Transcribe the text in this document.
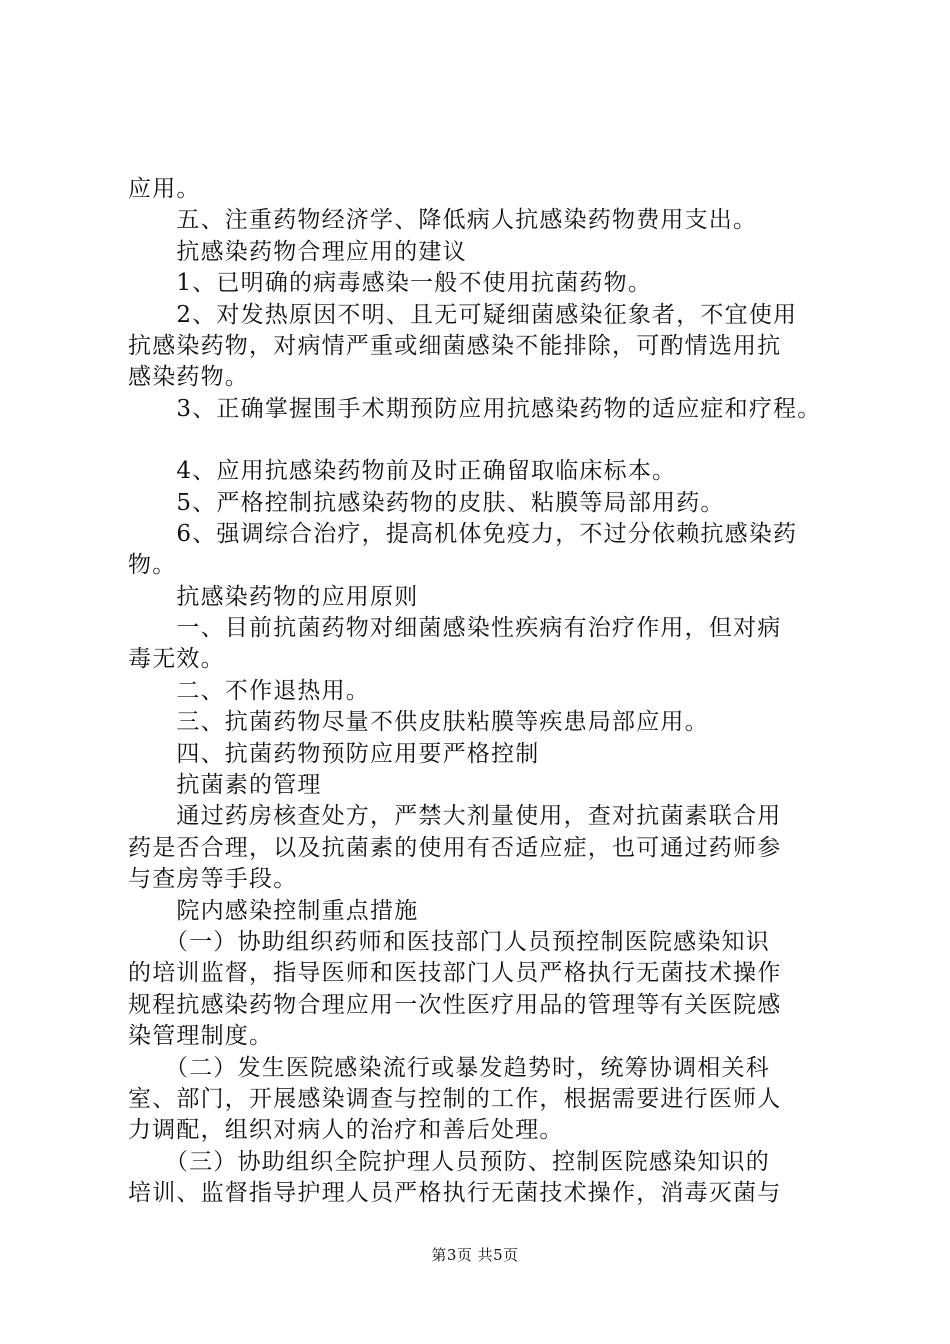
应用。
　　五、注重药物经济学、降低病人抗感染药物费用支出。
　　抗感染药物合理应用的建议
　　1、已明确的病毒感染一般不使用抗菌药物。
　　2、对发热原因不明、且无可疑细菌感染征象者，不宜使用
抗感染药物，对病情严重或细菌感染不能排除，可酌情选用抗
感染药物。
　　3、正确掌握围手术期预防应用抗感染药物的适应症和疗程。
　　4、应用抗感染药物前及时正确留取临床标本。
　　5、严格控制抗感染药物的皮肤、粘膜等局部用药。
　　6、强调综合治疗，提高机体免疫力，不过分依赖抗感染药
物。
　　抗感染药物的应用原则
　　一、目前抗菌药物对细菌感染性疾病有治疗作用，但对病
毒无效。
　　二、不作退热用。
　　三、抗菌药物尽量不供皮肤粘膜等疾患局部应用。
　　四、抗菌药物预防应用要严格控制
　　抗菌素的管理
　　通过药房核查处方，严禁大剂量使用，查对抗菌素联合用
药是否合理，以及抗菌素的使用有否适应症，也可通过药师参
与查房等手段。
　　院内感染控制重点措施
　　（一）协助组织药师和医技部门人员预控制医院感染知识
的培训监督，指导医师和医技部门人员严格执行无菌技术操作
规程抗感染药物合理应用一次性医疗用品的管理等有关医院感
染管理制度。
　　（二）发生医院感染流行或暴发趋势时，统筹协调相关科
室、部门，开展感染调查与控制的工作，根据需要进行医师人
力调配，组织对病人的治疗和善后处理。
　　（三）协助组织全院护理人员预防、控制医院感染知识的
培训、监督指导护理人员严格执行无菌技术操作，消毒灭菌与
第3页 共5页
